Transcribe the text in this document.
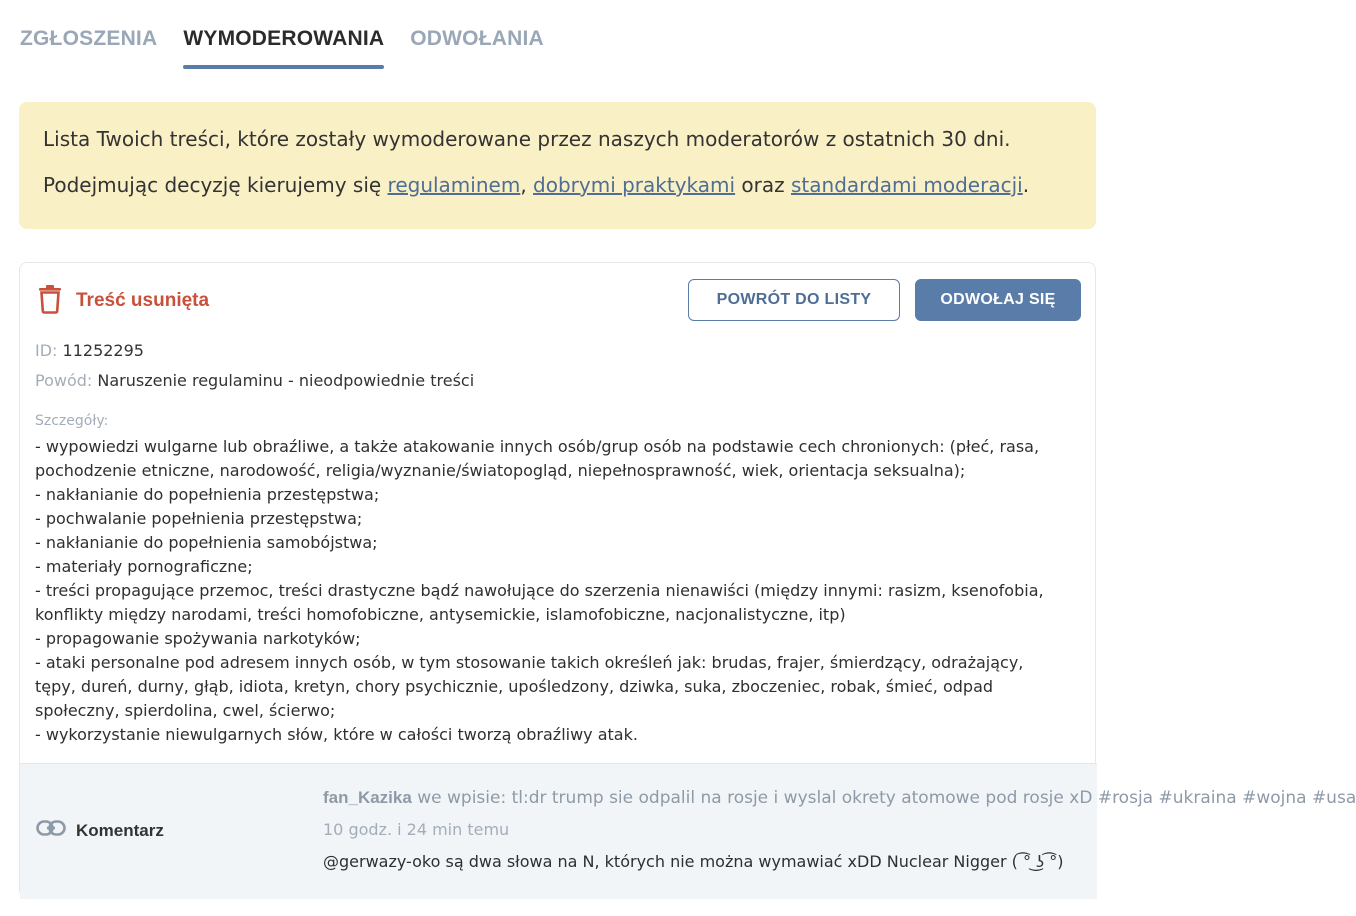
ZGŁOSZENIA WYMODEROWANIA ODWOŁANIA

Lista Twoich treści, które zostały wymoderowane przez naszych moderatorów z ostatnich 30 dni.

Podejmując decyzję kierujemy się regulaminem, dobrymi praktykami oraz standardami moderacji.

Treść usunięta	POWRÓT DO LISTY	ODWOŁAJ SIĘ
ID: 11252295
Powód: Naruszenie regulaminu - nieodpowiednie treści
Szczegóły:
- wypowiedzi wulgarne lub obraźliwe, a także atakowanie innych osób/grup osób na podstawie cech chronionych: (płeć, rasa,
pochodzenie etniczne, narodowość, religia/wyznanie/światopogląd, niepełnosprawność, wiek, orientacja seksualna);
- nakłanianie do popełnienia przestępstwa;
- pochwalanie popełnienia przestępstwa;
- nakłanianie do popełnienia samobójstwa;
- materiały pornograficzne;
- treści propagujące przemoc, treści drastyczne bądź nawołujące do szerzenia nienawiści (między innymi: rasizm, ksenofobia,
konflikty między narodami, treści homofobiczne, antysemickie, islamofobiczne, nacjonalistyczne, itp)
- propagowanie spożywania narkotyków;
- ataki personalne pod adresem innych osób, w tym stosowanie takich określeń jak: brudas, frajer, śmierdzący, odrażający,
tępy, dureń, durny, głąb, idiota, kretyn, chory psychicznie, upośledzony, dziwka, suka, zboczeniec, robak, śmieć, odpad
społeczny, spierdolina, cwel, ścierwo;
- wykorzystanie niewulgarnych słów, które w całości tworzą obraźliwy atak.
Komentarz
fan_Kazika we wpisie: tl:dr trump sie odpalil na rosje i wyslal okrety atomowe pod rosje xD #rosja #ukraina #wojna #usa
10 godz. i 24 min temu
@gerwazy-oko są dwa słowa na N, których nie można wymawiać xDD Nuclear Nigger ( ͡° ͜ʖ ͡°)
